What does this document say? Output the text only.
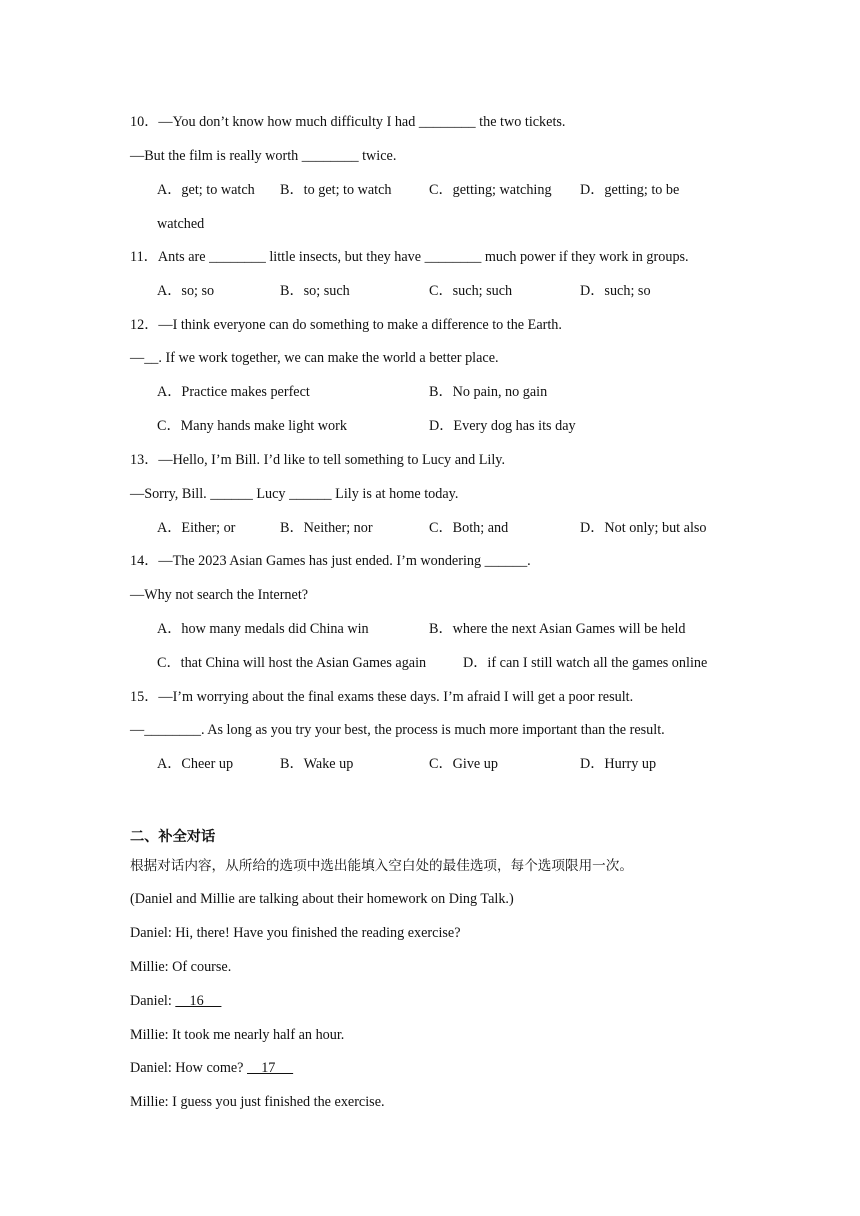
10．—You don’t know how much difficulty I had ________ the two tickets.
—But the film is really worth ________ twice.
A．get; to watch B．to get; to watch	C．getting; watching D．getting; to be
watched
11．Ants are ________ little insects, but they have ________ much power if they work in groups.
A．so; so	B．so; such	C．such; such	D．such; so
12．—I think everyone can do something to make a difference to the Earth.
—__. If we work together, we can make the world a better place.
A．Practice makes perfect	B．No pain, no gain
C．Many hands make light work	D．Every dog has its day
13．—Hello, I’m Bill. I’d like to tell something to Lucy and Lily.
—Sorry, Bill. ______ Lucy ______ Lily is at home today.
A．Either; or	B．Neither; nor	C．Both; and	D．Not only; but also
14．—The 2023 Asian Games has just ended. I’m wondering ______.
—Why not search the Internet?
A．how many medals did China win	B．where the next Asian Games will be held
C．that China will host the Asian Games again	D．if can I still watch all the games online
15．—I’m worrying about the final exams these days. I’m afraid I will get a poor result.
—________. As long as you try your best, the process is much more important than the result.
A．Cheer up	B．Wake up	C．Give up	D．Hurry up
二、补全对话
根据对话内容，从所给的选项中选出能填入空白处的最佳选项，每个选项限用一次。
(Daniel and Millie are talking about their homework on Ding Talk.)
Daniel: Hi, there! Have you finished the reading exercise?
Millie: Of course.
Daniel:     16
Millie: It took me nearly half an hour.
Daniel: How come?     17
Millie: I guess you just finished the exercise.
